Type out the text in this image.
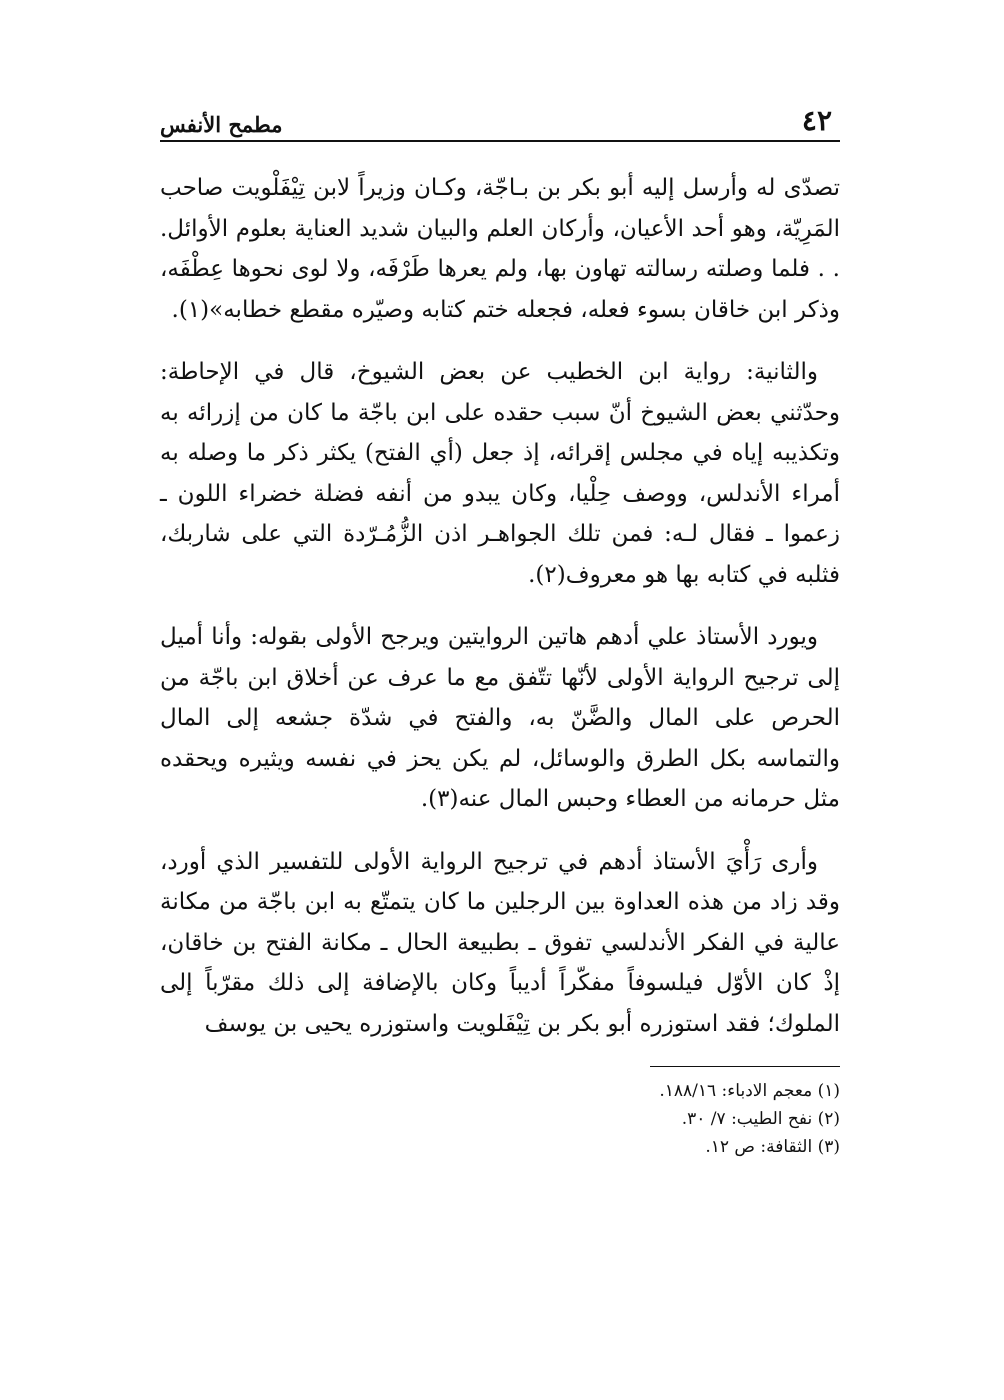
٤٢
مطمح الأنفس

تصدّى له وأرسل إليه أبو بكر بن بـاجّة، وكـان وزيراً لابن تِيْفَلْويت صاحب المَرِيّة، وهو أحد الأعيان، وأركان العلم والبيان شديد العناية بعلوم الأوائل. . . فلما وصلته رسالته تهاون بها، ولم يعرها طَرْفَه، ولا لوى نحوها عِطْفَه، وذكر ابن خاقان بسوء فعله، فجعله ختم كتابه وصيّره مقطع خطابه»(١).

والثانية: رواية ابن الخطيب عن بعض الشيوخ، قال في الإحاطة: وحدّثني بعض الشيوخ أنّ سبب حقده على ابن باجّة ما كان من إزرائه به وتكذيبه إياه في مجلس إقرائه، إذ جعل (أي الفتح) يكثر ذكر ما وصله به أمراء الأندلس، ووصف حِلْيا، وكان يبدو من أنفه فضلة خضراء اللون ـ زعموا ـ فقال لـه: فمن تلك الجواهـر اذن الزُّمُـرّدة التي على شاربك، فثلبه في كتابه بها هو معروف(٢).

ويورد الأستاذ علي أدهم هاتين الروايتين ويرجح الأولى بقوله: وأنا أميل إلى ترجيح الرواية الأولى لأنّها تتّفق مع ما عرف عن أخلاق ابن باجّة من الحرص على المال والضَّنّ به، والفتح في شدّة جشعه إلى المال والتماسه بكل الطرق والوسائل، لم يكن يحز في نفسه ويثيره ويحقده مثل حرمانه من العطاء وحبس المال عنه(٣).

وأرى رَأْيَ الأستاذ أدهم في ترجيح الرواية الأولى للتفسير الذي أورد، وقد زاد من هذه العداوة بين الرجلين ما كان يتمتّع به ابن باجّة من مكانة عالية في الفكر الأندلسي تفوق ـ بطبيعة الحال ـ مكانة الفتح بن خاقان، إذْ كان الأوّل فيلسوفاً مفكّراً أديباً وكان بالإضافة إلى ذلك مقرّباً إلى الملوك؛ فقد استوزره أبو بكر بن تِيْفَلويت واستوزره يحيى بن يوسف

(١) معجم الادباء: ١٨٨/١٦.
(٢) نفح الطيب: ٧/ ٣٠.
(٣) الثقافة: ص ١٢.
